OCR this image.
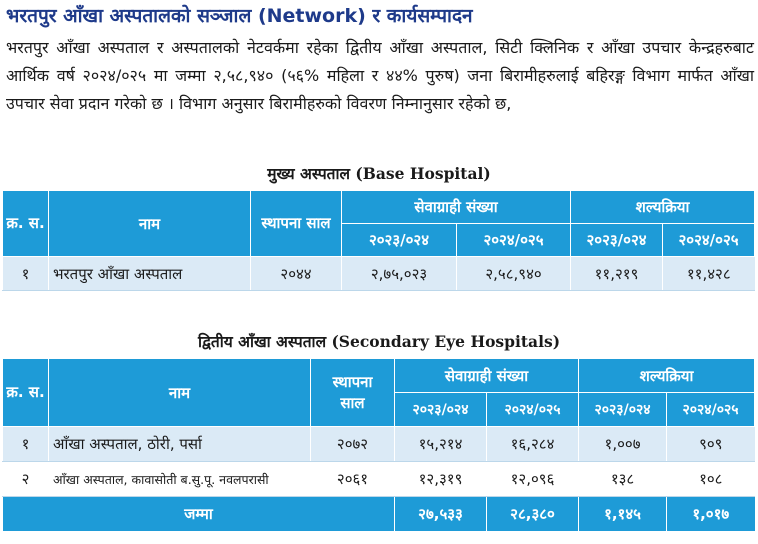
भरतपुर आँखा अस्पतालको सञ्जाल (Network) र कार्यसम्पादन
भरतपुर आँखा अस्पताल र अस्पतालको नेटवर्कमा रहेका द्वितीय आँखा अस्पताल, सिटी क्लिनिक र आँखा उपचार केन्द्रहरुबाट आर्थिक वर्ष २०२४/०२५ मा जम्मा २,५८,९४० (५६% महिला र ४४% पुरुष) जना बिरामीहरुलाई बहिरङ्ग विभाग मार्फत आँखा उपचार सेवा प्रदान गरेको छ । विभाग अनुसार बिरामीहरुको विवरण निम्नानुसार रहेको छ,
मुख्य अस्पताल (Base Hospital)
क्र. स.	नाम	स्थापना साल	सेवाग्राही संख्या		शल्यक्रिया	
			२०२३/०२४	२०२४/०२५	२०२३/०२४	२०२४/०२५
१	भरतपुर आँखा अस्पताल	२०४४	२,७५,०२३	२,५८,९४०	११,२१९	११,४२८
द्वितीय आँखा अस्पताल (Secondary Eye Hospitals)
क्र. स.	नाम	स्थापना साल	सेवाग्राही संख्या		शल्यक्रिया	
			२०२३/०२४	२०२४/०२५	२०२३/०२४	२०२४/०२५
१	आँखा अस्पताल, ठोरी, पर्सा	२०७२	१५,२१४	१६,२८४	१,००७	९०९
२	आँखा अस्पताल, कावासोती ब.सु.पू. नवलपरासी	२०६१	१२,३१९	१२,०९६	१३८	१०८
जम्मा			२७,५३३	२८,३८०	१,१४५	१,०१७
